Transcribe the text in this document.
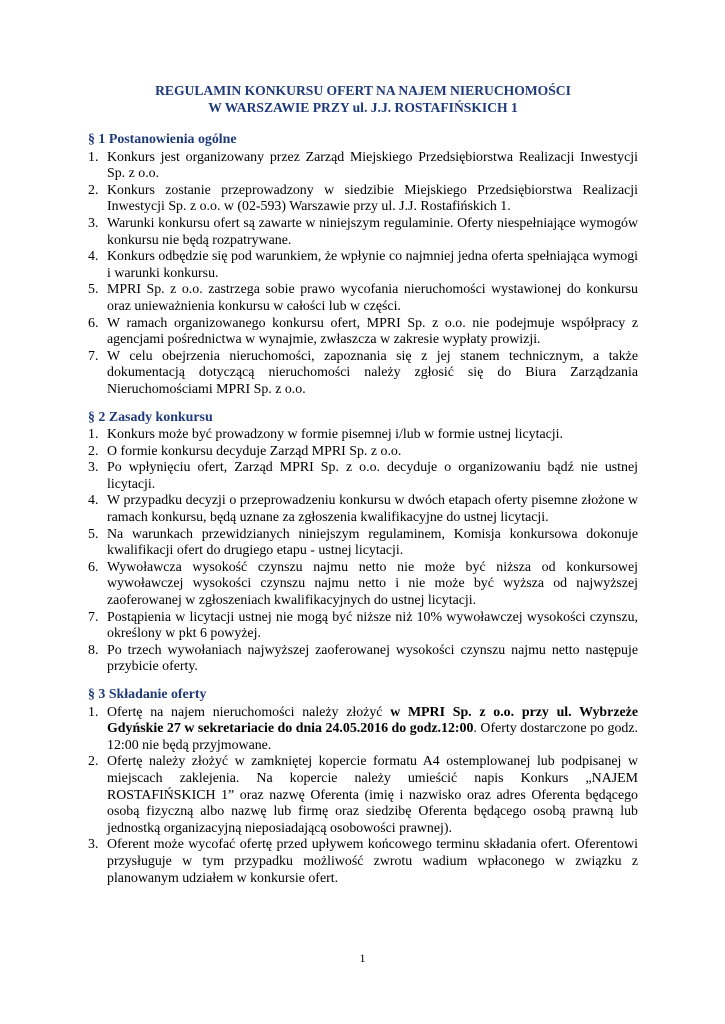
REGULAMIN KONKURSU OFERT NA NAJEM NIERUCHOMOŚCI
W WARSZAWIE PRZY ul. J.J. ROSTAFIŃSKICH 1
§ 1 Postanowienia ogólne
1. Konkurs jest organizowany przez Zarząd Miejskiego Przedsiębiorstwa Realizacji Inwestycji Sp. z o.o.
2. Konkurs zostanie przeprowadzony w siedzibie Miejskiego Przedsiębiorstwa Realizacji Inwestycji Sp. z o.o. w (02-593) Warszawie przy ul. J.J. Rostafińskich 1.
3. Warunki konkursu ofert są zawarte w niniejszym regulaminie. Oferty niespełniające wymogów konkursu nie będą rozpatrywane.
4. Konkurs odbędzie się pod warunkiem, że wpłynie co najmniej jedna oferta spełniająca wymogi i warunki konkursu.
5. MPRI Sp. z o.o. zastrzega sobie prawo wycofania nieruchomości wystawionej do konkursu oraz unieważnienia konkursu w całości lub w części.
6. W ramach organizowanego konkursu ofert, MPRI Sp. z o.o. nie podejmuje współpracy z agencjami pośrednictwa w wynajmie, zwłaszcza w zakresie wypłaty prowizji.
7. W celu obejrzenia nieruchomości, zapoznania się z jej stanem technicznym, a także dokumentacją dotyczącą nieruchomości należy zgłosić się do Biura Zarządzania Nieruchomościami MPRI Sp. z o.o.
§ 2 Zasady konkursu
1. Konkurs może być prowadzony w formie pisemnej i/lub w formie ustnej licytacji.
2. O formie konkursu decyduje Zarząd MPRI Sp. z o.o.
3. Po wpłynięciu ofert, Zarząd MPRI Sp. z o.o. decyduje o organizowaniu bądź nie ustnej licytacji.
4. W przypadku decyzji o przeprowadzeniu konkursu w dwóch etapach oferty pisemne złożone w ramach konkursu, będą uznane za zgłoszenia kwalifikacyjne do ustnej licytacji.
5. Na warunkach przewidzianych niniejszym regulaminem, Komisja konkursowa dokonuje kwalifikacji ofert do drugiego etapu - ustnej licytacji.
6. Wywoławcza wysokość czynszu najmu netto nie może być niższa od konkursowej wywoławczej wysokości czynszu najmu netto i nie może być wyższa od najwyższej zaoferowanej w zgłoszeniach kwalifikacyjnych do ustnej licytacji.
7. Postąpienia w licytacji ustnej nie mogą być niższe niż 10% wywoławczej wysokości czynszu, określony w pkt 6 powyżej.
8. Po trzech wywołaniach najwyższej zaoferowanej wysokości czynszu najmu netto następuje przybicie oferty.
§ 3 Składanie oferty
1. Ofertę na najem nieruchomości należy złożyć w MPRI Sp. z o.o. przy ul. Wybrzeże Gdyńskie 27 w sekretariacie do dnia 24.05.2016 do godz.12:00. Oferty dostarczone po godz. 12:00 nie będą przyjmowane.
2. Ofertę należy złożyć w zamkniętej kopercie formatu A4 ostemplowanej lub podpisanej w miejscach zaklejenia. Na kopercie należy umieścić napis Konkurs „NAJEM ROSTAFIŃSKICH 1” oraz nazwę Oferenta (imię i nazwisko oraz adres Oferenta będącego osobą fizyczną albo nazwę lub firmę oraz siedzibę Oferenta będącego osobą prawną lub jednostką organizacyjną nieposiadającą osobowości prawnej).
3. Oferent może wycofać ofertę przed upływem końcowego terminu składania ofert. Oferentowi przysługuje w tym przypadku możliwość zwrotu wadium wpłaconego w związku z planowanym udziałem w konkursie ofert.
1
